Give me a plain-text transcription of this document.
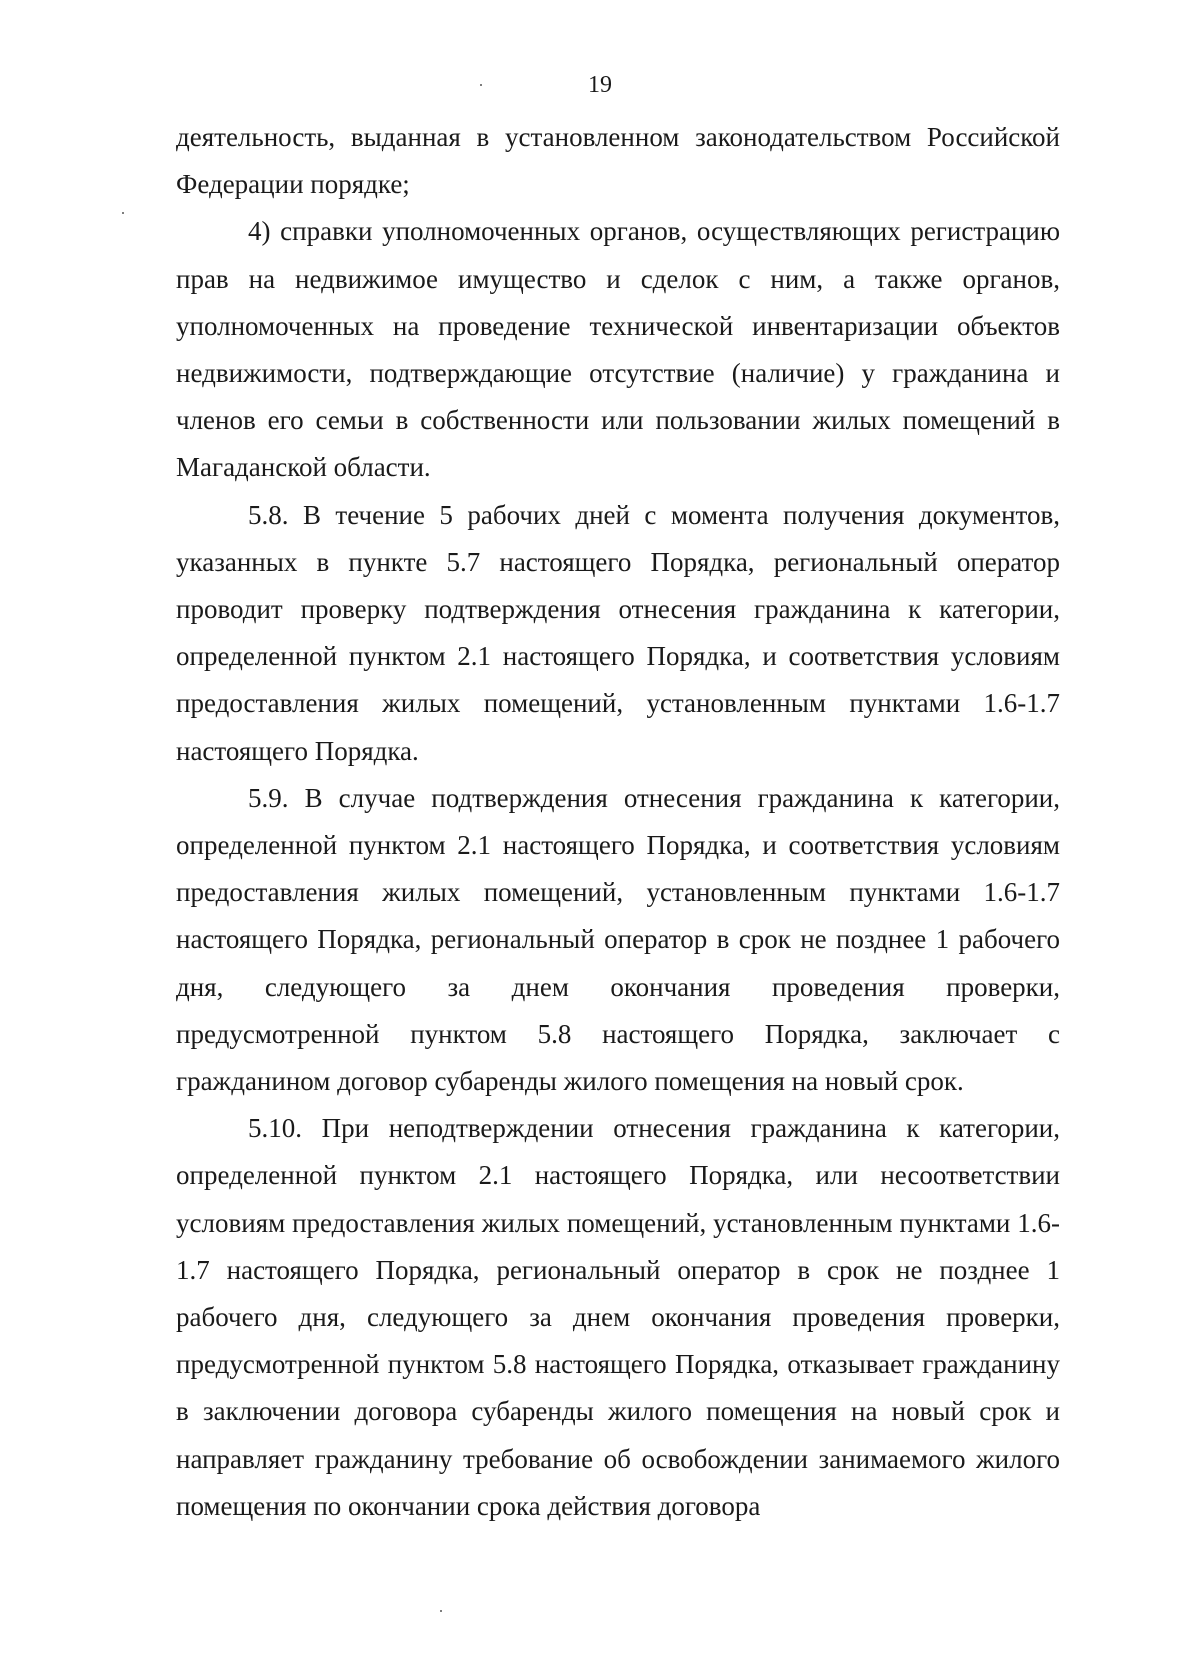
19

деятельность, выданная в установленном законодательством Российской Федерации порядке;

4) справки уполномоченных органов, осуществляющих регистрацию прав на недвижимое имущество и сделок с ним, а также органов, уполномоченных на проведение технической инвентаризации объектов недвижимости, подтверждающие отсутствие (наличие) у гражданина и членов его семьи в собственности или пользовании жилых помещений в Магаданской области.

5.8. В течение 5 рабочих дней с момента получения документов, указанных в пункте 5.7 настоящего Порядка, региональный оператор проводит проверку подтверждения отнесения гражданина к категории, определенной пунктом 2.1 настоящего Порядка, и соответствия условиям предоставления жилых помещений, установленным пунктами 1.6-1.7 настоящего Порядка.

5.9. В случае подтверждения отнесения гражданина к категории, определенной пунктом 2.1 настоящего Порядка, и соответствия условиям предоставления жилых помещений, установленным пунктами 1.6-1.7 настоящего Порядка, региональный оператор в срок не позднее 1 рабочего дня, следующего за днем окончания проведения проверки, предусмотренной пунктом 5.8 настоящего Порядка, заключает с гражданином договор субаренды жилого помещения на новый срок.

5.10. При неподтверждении отнесения гражданина к категории, определенной пунктом 2.1 настоящего Порядка, или несоответствии условиям предоставления жилых помещений, установленным пунктами 1.6-1.7 настоящего Порядка, региональный оператор в срок не позднее 1 рабочего дня, следующего за днем окончания проведения проверки, предусмотренной пунктом 5.8 настоящего Порядка, отказывает гражданину в заключении договора субаренды жилого помещения на новый срок и направляет гражданину требование об освобождении занимаемого жилого помещения по окончании срока действия договора
